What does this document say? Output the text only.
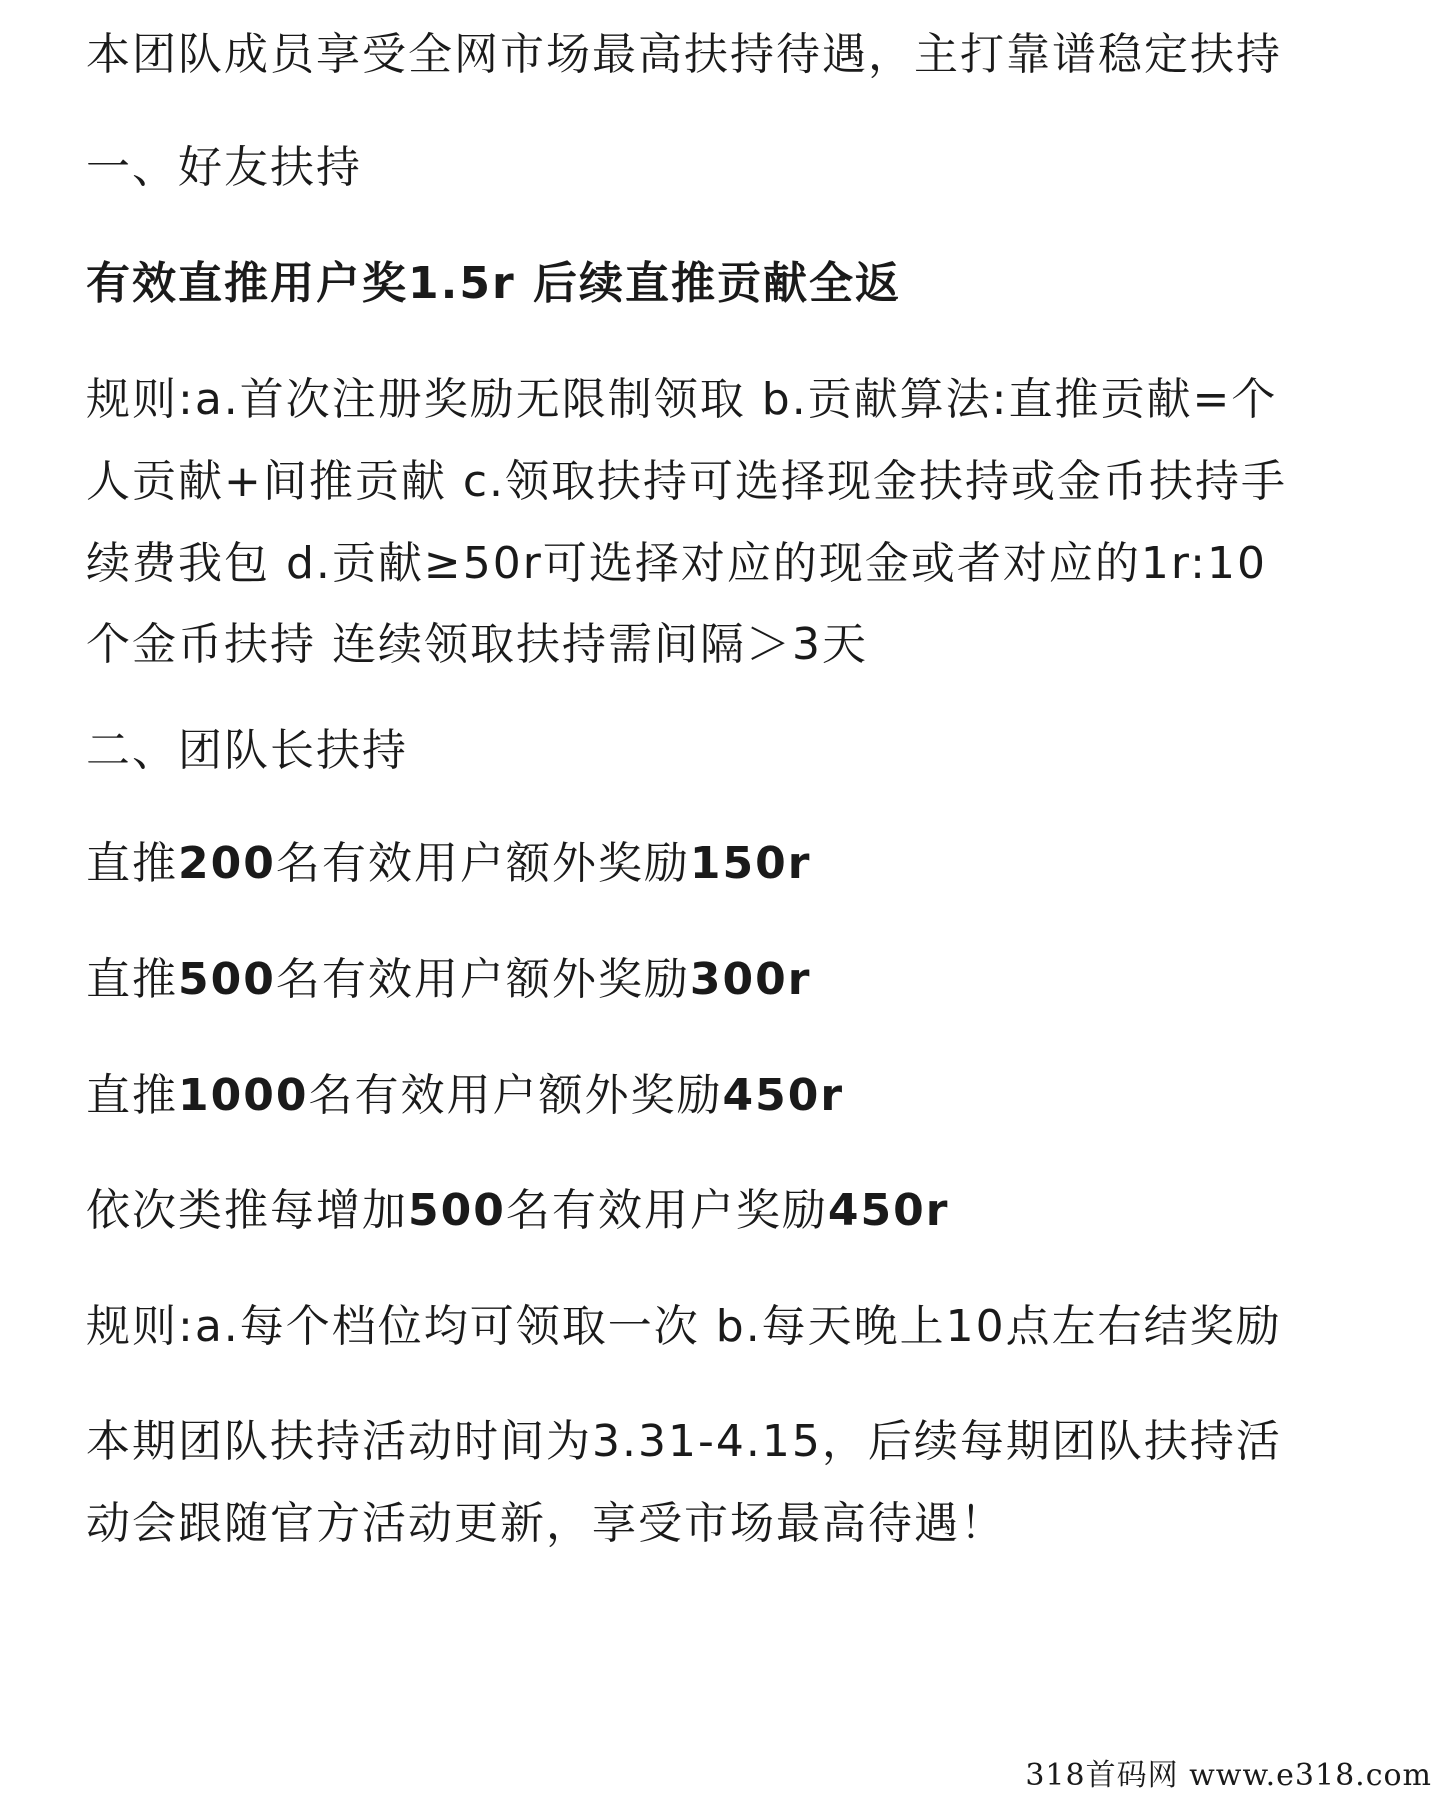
本团队成员享受全网市场最高扶持待遇，主打靠谱稳定扶持
一、好友扶持
有效直推用户奖1.5r 后续直推贡献全返
规则:a.首次注册奖励无限制领取 b.贡献算法:直推贡献=个
人贡献+间推贡献 c.领取扶持可选择现金扶持或金币扶持手
续费我包 d.贡献≥50r可选择对应的现金或者对应的1r:10
个金币扶持 连续领取扶持需间隔＞3天
二、团队长扶持
直推200名有效用户额外奖励150r
直推500名有效用户额外奖励300r
直推1000名有效用户额外奖励450r
依次类推每增加500名有效用户奖励450r
规则:a.每个档位均可领取一次 b.每天晚上10点左右结奖励
本期团队扶持活动时间为3.31-4.15，后续每期团队扶持活
动会跟随官方活动更新，享受市场最高待遇！
318首码网 www.e318.com
